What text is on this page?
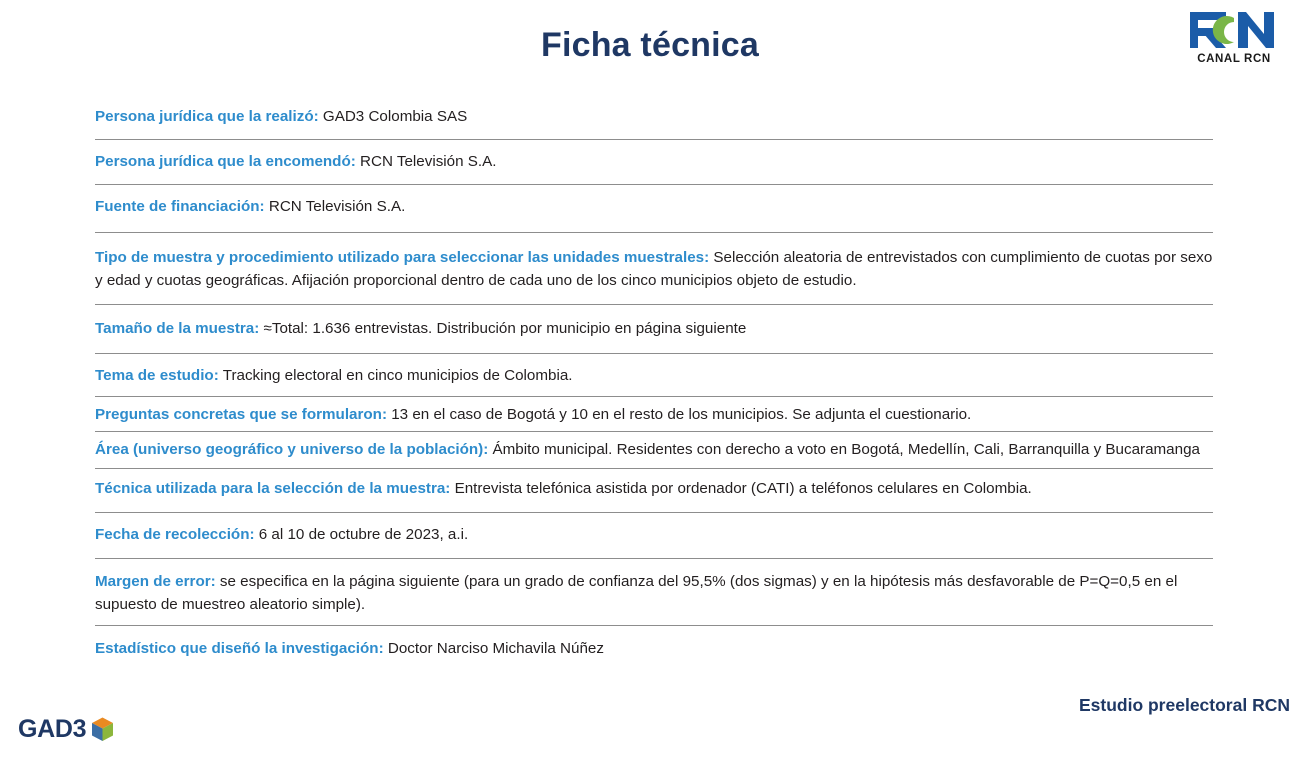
Ficha técnica	CANAL RCN
Persona jurídica que la realizó: GAD3 Colombia SAS
Persona jurídica que la encomendó: RCN Televisión S.A.
Fuente de financiación: RCN Televisión S.A.
Tipo de muestra y procedimiento utilizado para seleccionar las unidades muestrales: Selección aleatoria de entrevistados con cumplimiento de cuotas por sexo y edad y cuotas geográficas. Afijación proporcional dentro de cada uno de los cinco municipios objeto de estudio.
Tamaño de la muestra: ≈Total: 1.636 entrevistas. Distribución por municipio en página siguiente
Tema de estudio: Tracking electoral en cinco municipios de Colombia.
Preguntas concretas que se formularon: 13 en el caso de Bogotá y 10 en el resto de los municipios. Se adjunta el cuestionario.
Área (universo geográfico y universo de la población): Ámbito municipal. Residentes con derecho a voto en Bogotá, Medellín, Cali, Barranquilla y Bucaramanga
Técnica utilizada para la selección de la muestra: Entrevista telefónica asistida por ordenador (CATI) a teléfonos celulares en Colombia.
Fecha de recolección: 6 al 10 de octubre de 2023, a.i.
Margen de error: se especifica en la página siguiente (para un grado de confianza del 95,5% (dos sigmas) y en la hipótesis más desfavorable de P=Q=0,5 en el supuesto de muestreo aleatorio simple).
Estadístico que diseñó la investigación: Doctor Narciso Michavila Núñez
GAD3
Estudio preelectoral RCN
